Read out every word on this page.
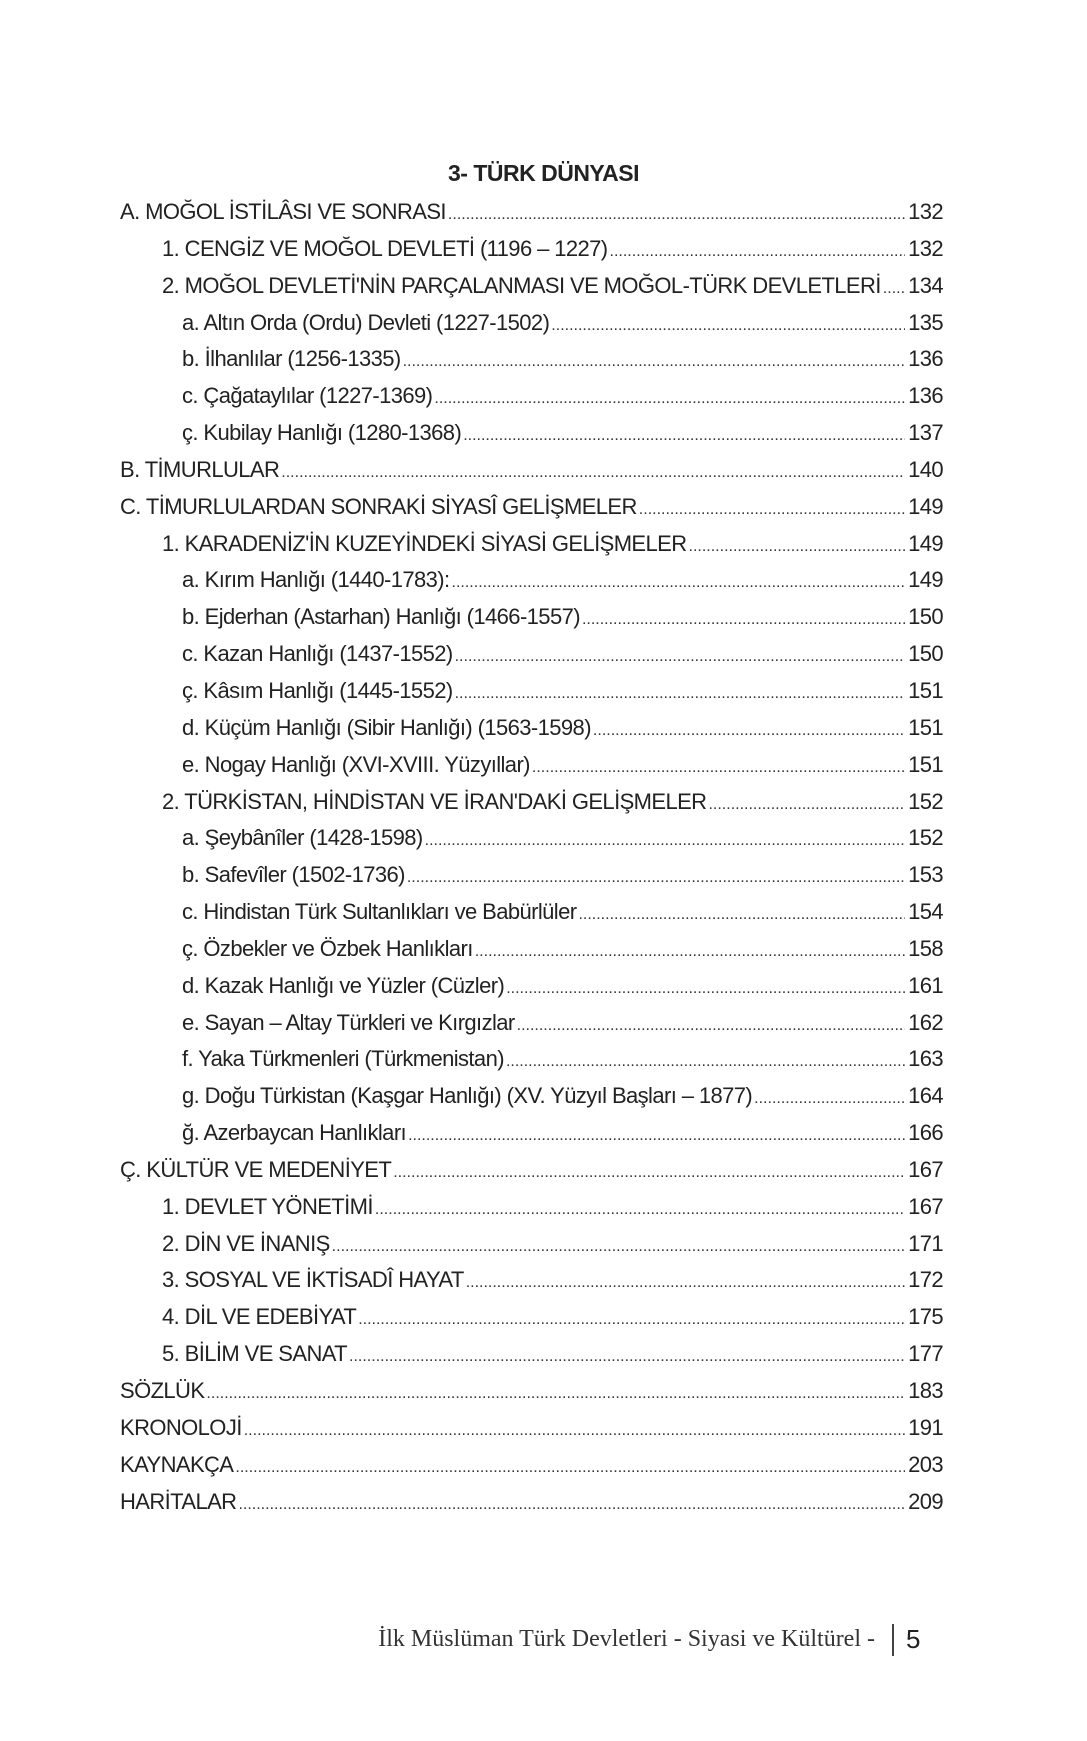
3- TÜRK DÜNYASI
A. MOĞOL İSTİLÂSI VE SONRASI .....	132
1. CENGİZ VE MOĞOL DEVLETİ (1196 – 1227) .....	132
2. MOĞOL DEVLETİ'NİN PARÇALANMASI VE MOĞOL-TÜRK DEVLETLERİ ..... 134
a. Altın Orda (Ordu) Devleti (1227-1502) .....	135
b. İlhanlılar (1256-1335) .....	136
c. Çağataylılar (1227-1369) .....	136
ç. Kubilay Hanlığı (1280-1368) .....	137
B. TİMURLULAR .....	140
C. TİMURLULARDAN SONRAKİ SİYASÎ GELİŞMELER .....	149
1. KARADENİZ'İN KUZEYİNDEKİ SİYASİ GELİŞMELER .....	149
a. Kırım Hanlığı (1440-1783): .....	149
b. Ejderhan (Astarhan) Hanlığı (1466-1557) .....	150
c. Kazan Hanlığı (1437-1552) .....	150
ç. Kâsım Hanlığı (1445-1552) .....	151
d. Küçüm Hanlığı (Sibir Hanlığı) (1563-1598) .....	151
e. Nogay Hanlığı (XVI-XVIII. Yüzyıllar) .....	151
2. TÜRKİSTAN, HİNDİSTAN VE İRAN'DAKİ GELİŞMELER .....	152
a. Şeybânîler (1428-1598) .....	152
b. Safevîler (1502-1736) .....	153
c. Hindistan Türk Sultanlıkları ve Babürlüler .....	154
ç. Özbekler ve Özbek Hanlıkları .....	158
d. Kazak Hanlığı ve Yüzler (Cüzler) .....	161
e. Sayan – Altay Türkleri ve Kırgızlar .....	162
f. Yaka Türkmenleri (Türkmenistan) .....	163
g. Doğu Türkistan (Kaşgar Hanlığı) (XV. Yüzyıl Başları – 1877) .....	164
ğ. Azerbaycan Hanlıkları .....	166
Ç. KÜLTÜR VE MEDENİYET .....	167
1. DEVLET YÖNETİMİ .....	167
2. DİN VE İNANIŞ .....	171
3. SOSYAL VE İKTİSADÎ HAYAT .....	172
4. DİL VE EDEBİYAT .....	175
5. BİLİM VE SANAT .....	177
SÖZLÜK .....	183
KRONOLOJİ .....	191
KAYNAKÇA .....	203
HARİTALAR .....	209
İlk Müslüman Türk Devletleri - Siyasi ve Kültürel - 5
